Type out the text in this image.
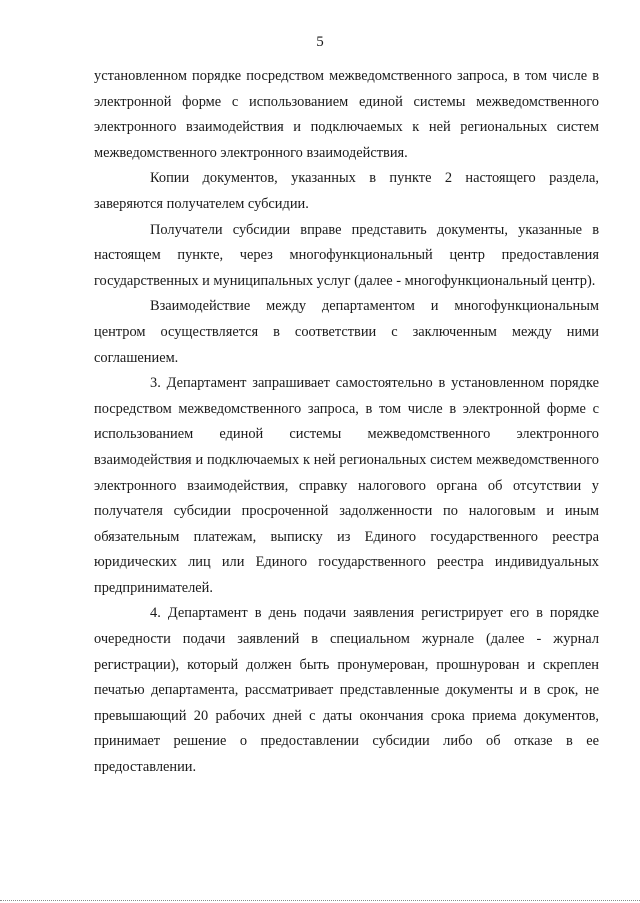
5

установленном порядке посредством межведомственного запроса, в том числе в электронной форме с использованием единой системы межведомственного электронного взаимодействия и подключаемых к ней региональных систем межведомственного электронного взаимодействия.

Копии документов, указанных в пункте 2 настоящего раздела, заверяются получателем субсидии.

Получатели субсидии вправе представить документы, указанные в настоящем пункте, через многофункциональный центр предоставления государственных и муниципальных услуг (далее - многофункциональный центр).

Взаимодействие между департаментом и многофункциональным центром осуществляется в соответствии с заключенным между ними соглашением.

3. Департамент запрашивает самостоятельно в установленном порядке посредством межведомственного запроса, в том числе в электронной форме с использованием единой системы межведомственного электронного взаимодействия и подключаемых к ней региональных систем межведомственного электронного взаимодействия, справку налогового органа об отсутствии у получателя субсидии просроченной задолженности по налоговым и иным обязательным платежам, выписку из Единого государственного реестра юридических лиц или Единого государственного реестра индивидуальных предпринимателей.

4. Департамент в день подачи заявления регистрирует его в порядке очередности подачи заявлений в специальном журнале (далее - журнал регистрации), который должен быть пронумерован, прошнурован и скреплен печатью департамента, рассматривает представленные документы и в срок, не превышающий 20 рабочих дней с даты окончания срока приема документов, принимает решение о предоставлении субсидии либо об отказе в ее предоставлении.
